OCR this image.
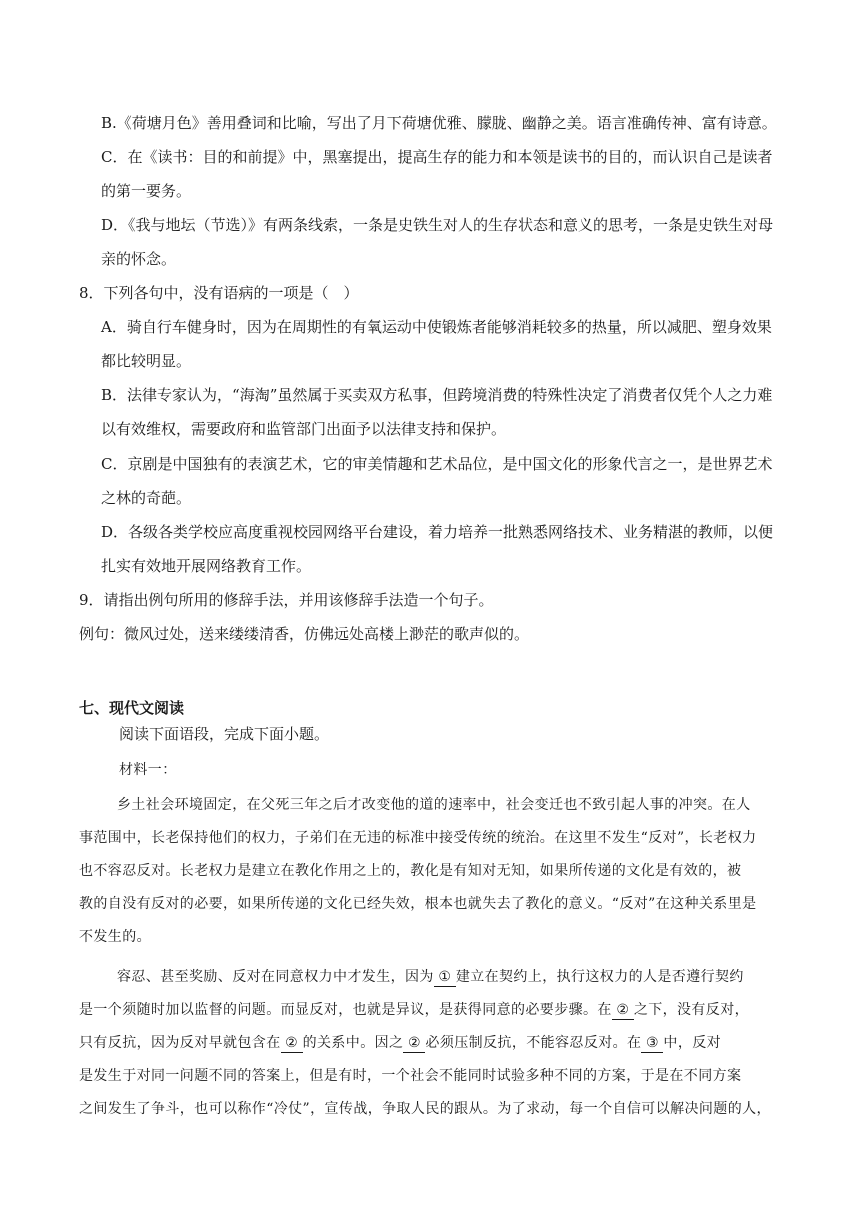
B.《荷塘月色》善用叠词和比喻，写出了月下荷塘优雅、朦胧、幽静之美。语言准确传神、富有诗意。
C．在《读书：目的和前提》中，黑塞提出，提高生存的能力和本领是读书的目的，而认识自己是读者
的第一要务。
D．《我与地坛（节选）》有两条线索，一条是史铁生对人的生存状态和意义的思考，一条是史铁生对母
亲的怀念。
8．下列各句中，没有语病的一项是（　）
A．骑自行车健身时，因为在周期性的有氧运动中使锻炼者能够消耗较多的热量，所以减肥、塑身效果
都比较明显。
B．法律专家认为，“海淘”虽然属于买卖双方私事，但跨境消费的特殊性决定了消费者仅凭个人之力难
以有效维权，需要政府和监管部门出面予以法律支持和保护。
C．京剧是中国独有的表演艺术，它的审美情趣和艺术品位，是中国文化的形象代言之一，是世界艺术
之林的奇葩。
D．各级各类学校应高度重视校园网络平台建设，着力培养一批熟悉网络技术、业务精湛的教师，以便
扎实有效地开展网络教育工作。
9．请指出例句所用的修辞手法，并用该修辞手法造一个句子。
例句：微风过处，送来缕缕清香，仿佛远处高楼上渺茫的歌声似的。
七、现代文阅读
阅读下面语段，完成下面小题。
材料一：
乡土社会环境固定，在父死三年之后才改变他的道的速率中，社会变迁也不致引起人事的冲突。在人
事范围中，长老保持他们的权力，子弟们在无违的标准中接受传统的统治。在这里不发生“反对”，长老权力
也不容忍反对。长老权力是建立在教化作用之上的，教化是有知对无知，如果所传递的文化是有效的，被
教的自没有反对的必要，如果所传递的文化已经失效，根本也就失去了教化的意义。“反对”在这种关系里是
不发生的。
容忍、甚至奖励、反对在同意权力中才发生，因为 ① 建立在契约上，执行这权力的人是否遵行契约
是一个须随时加以监督的问题。而显反对，也就是异议，是获得同意的必要步骤。在 ② 之下，没有反对，
只有反抗，因为反对早就包含在 ② 的关系中。因之 ② 必须压制反抗，不能容忍反对。在 ③ 中，反对
是发生于对同一问题不同的答案上，但是有时，一个社会不能同时试验多种不同的方案，于是在不同方案
之间发生了争斗，也可以称作“冷仗”，宣传战，争取人民的跟从。为了求动，每一个自信可以解决问题的人，
